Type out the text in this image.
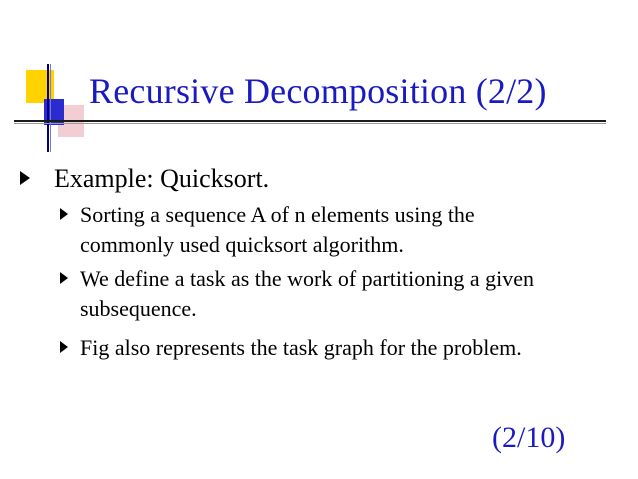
Recursive Decomposition (2/2)
Example: Quicksort.
Sorting a sequence A of n elements using the
commonly used quicksort algorithm.
We define a task as the work of partitioning a given
subsequence.
Fig also represents the task graph for the problem.
(2/10)
